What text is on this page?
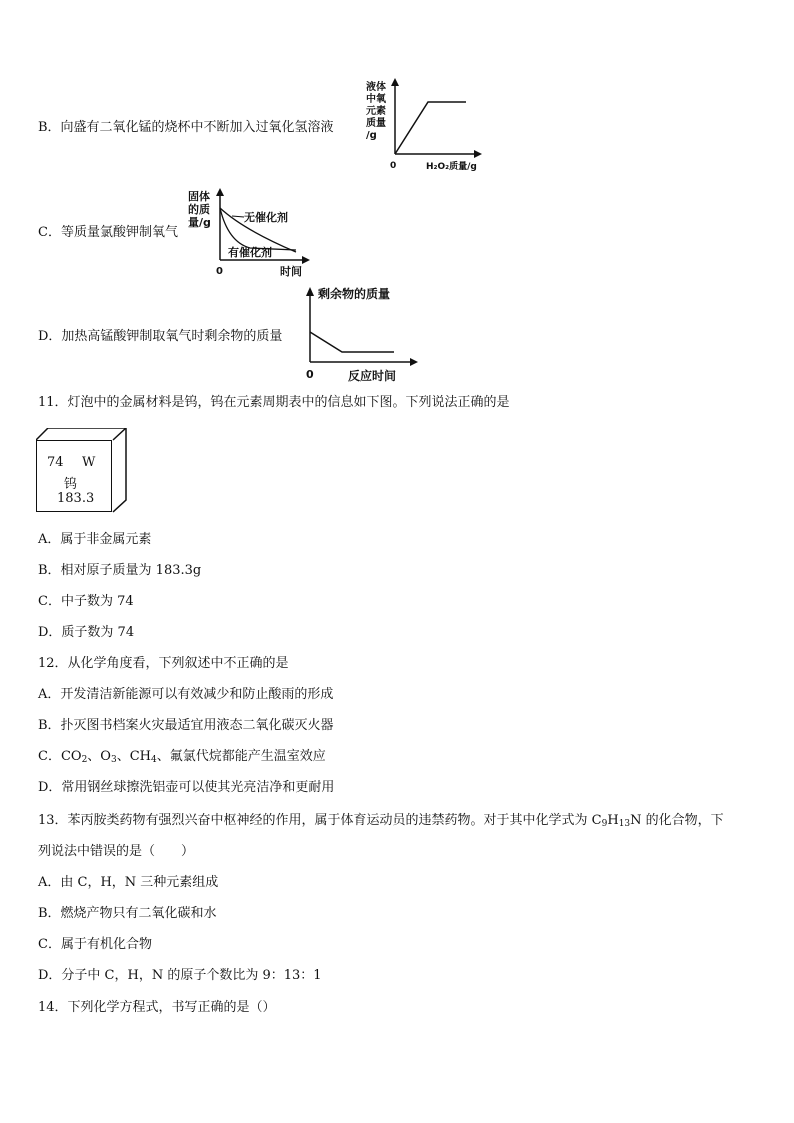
B．向盛有二氧化锰的烧杯中不断加入过氧化氢溶液
液体
中氧
元素
质量
/g
0	H₂O₂质量/g
C．等质量氯酸钾制氧气
固体
的质
量/g	无催化剂
有催化剂
0	时间
D．加热高锰酸钾制取氧气时剩余物的质量
剩余物的质量
0	反应时间
11．灯泡中的金属材料是钨，钨在元素周期表中的信息如下图。下列说法正确的是
74 W
钨
183.3
A．属于非金属元素
B．相对原子质量为 183.3g
C．中子数为 74
D．质子数为 74
12．从化学角度看，下列叙述中不正确的是
A．开发清洁新能源可以有效减少和防止酸雨的形成
B．扑灭图书档案火灾最适宜用液态二氧化碳灭火器
C．$CO_2$、$O_3$、$CH_4$、氟氯代烷都能产生温室效应
D．常用钢丝球擦洗铝壶可以使其光亮洁净和更耐用
13．苯丙胺类药物有强烈兴奋中枢神经的作用，属于体育运动员的违禁药物。对于其中化学式为 $C_9H_{13}N$ 的化合物，下
列说法中错误的是（　　）
A．由 C，H，N 三种元素组成
B．燃烧产物只有二氧化碳和水
C．属于有机化合物
D．分子中 C，H，N 的原子个数比为 9：13：1
14．下列化学方程式，书写正确的是（）
